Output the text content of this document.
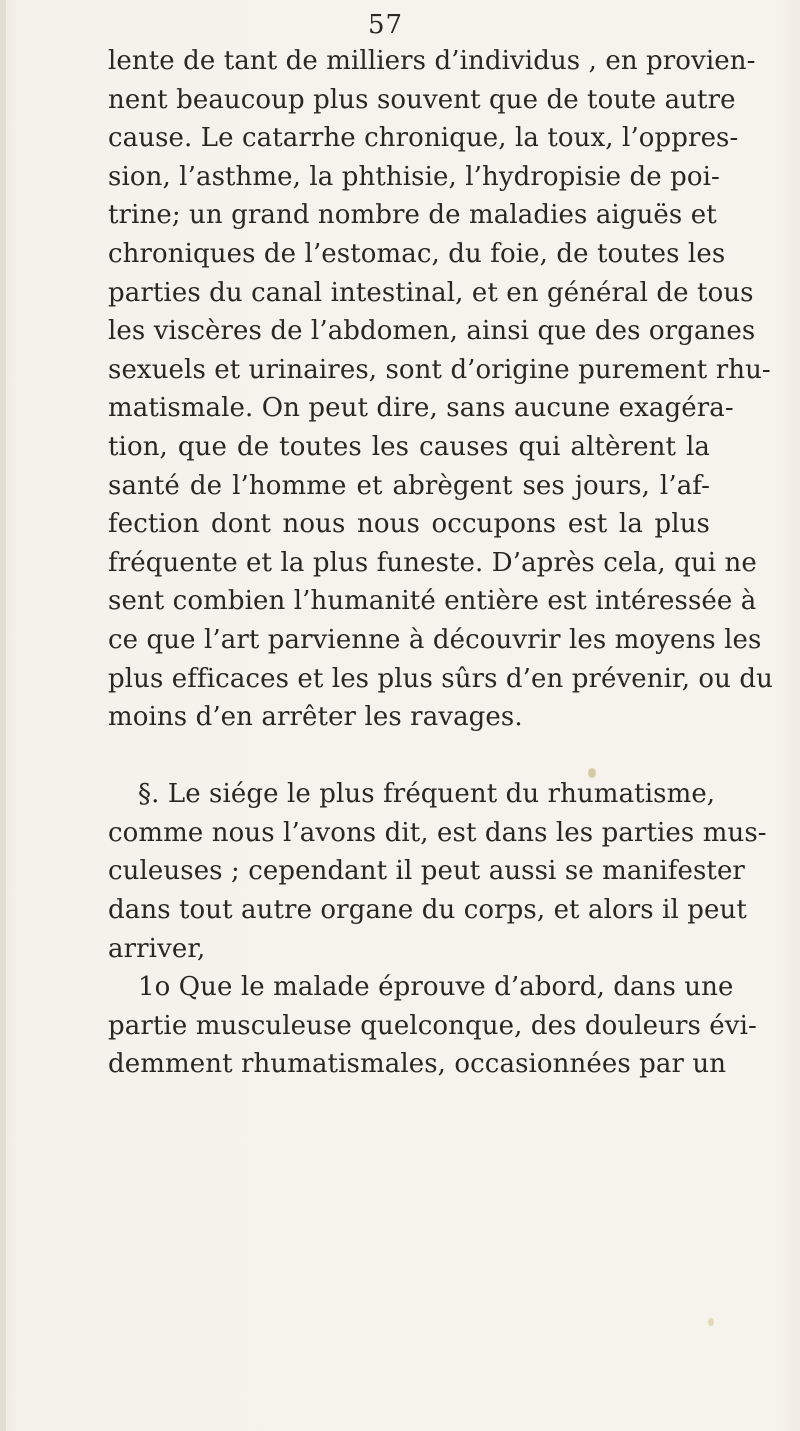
57
lente de tant de milliers d’individus , en provien-
nent beaucoup plus souvent que de toute autre
cause. Le catarrhe chronique, la toux, l’oppres-
sion, l’asthme, la phthisie, l’hydropisie de poi-
trine; un grand nombre de maladies aiguës et
chroniques de l’estomac, du foie, de toutes les
parties du canal intestinal, et en général de tous
les viscères de l’abdomen, ainsi que des organes
sexuels et urinaires, sont d’origine purement rhu-
matismale. On peut dire, sans aucune exagéra-
tion, que de toutes les causes qui altèrent la
santé de l’homme et abrègent ses jours, l’af-
fection dont nous nous occupons est la plus
fréquente et la plus funeste. D’après cela, qui ne
sent combien l’humanité entière est intéressée à
ce que l’art parvienne à découvrir les moyens les
plus efficaces et les plus sûrs d’en prévenir, ou du
moins d’en arrêter les ravages.
§. Le siége le plus fréquent du rhumatisme,
comme nous l’avons dit, est dans les parties mus-
culeuses ; cependant il peut aussi se manifester
dans tout autre organe du corps, et alors il peut
arriver,
1o Que le malade éprouve d’abord, dans une
partie musculeuse quelconque, des douleurs évi-
demment rhumatismales, occasionnées par un
